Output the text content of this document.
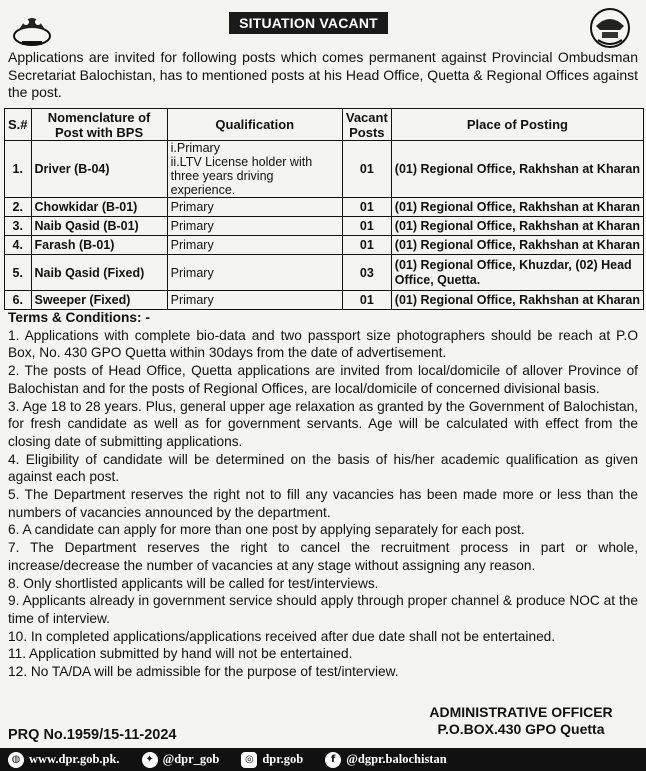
SITUATION VACANT
Applications are invited for following posts which comes permanent against Provincial Ombudsman Secretariat Balochistan, has to mentioned posts at his Head Office, Quetta & Regional Offices against the post.
S.#	Nomenclature of Post with BPS	Qualification	Vacant Posts	Place of Posting
1.	Driver (B-04)	i.Primary
ii.LTV License holder with three years driving experience.	01	(01) Regional Office, Rakhshan at Kharan
2.	Chowkidar (B-01)	Primary	01	(01) Regional Office, Rakhshan at Kharan
3.	Naib Qasid (B-01)	Primary	01	(01) Regional Office, Rakhshan at Kharan
4.	Farash (B-01)	Primary	01	(01) Regional Office, Rakhshan at Kharan
5.	Naib Qasid (Fixed)	Primary	03	(01) Regional Office, Khuzdar, (02) Head Office, Quetta.
6.	Sweeper (Fixed)	Primary	01	(01) Regional Office, Rakhshan at Kharan
Terms & Conditions: -
1. Applications with complete bio-data and two passport size photographers should be reach at P.O Box, No. 430 GPO Quetta within 30days from the date of advertisement.
2. The posts of Head Office, Quetta applications are invited from local/domicile of allover Province of Balochistan and for the posts of Regional Offices, are local/domicile of concerned divisional basis.
3. Age 18 to 28 years. Plus, general upper age relaxation as granted by the Government of Balochistan, for fresh candidate as well as for government servants. Age will be calculated with effect from the closing date of submitting applications.
4. Eligibility of candidate will be determined on the basis of his/her academic qualification as given against each post.
5. The Department reserves the right not to fill any vacancies has been made more or less than the numbers of vacancies announced by the department.
6. A candidate can apply for more than one post by applying separately for each post.
7. The Department reserves the right to cancel the recruitment process in part or whole, increase/decrease the number of vacancies at any stage without assigning any reason.
8. Only shortlisted applicants will be called for test/interviews.
9. Applicants already in government service should apply through proper channel & produce NOC at the time of interview.
10. In completed applications/applications received after due date shall not be entertained.
11. Application submitted by hand will not be entertained.
12. No TA/DA will be admissible for the purpose of test/interview.
ADMINISTRATIVE OFFICER
P.O.BOX.430 GPO Quetta
PRQ No.1959/15-11-2024
◍ www.dpr.gob.pk.	✦ @dpr_gob	◎ dpr.gob	f @dgpr.balochistan
